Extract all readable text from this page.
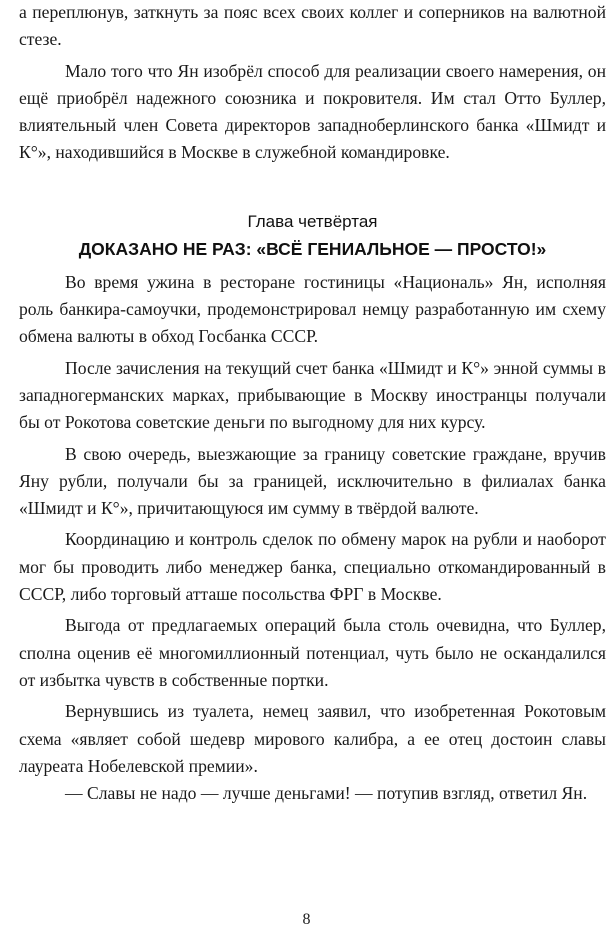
а переплюнув, заткнуть за пояс всех своих коллег и соперников на валютной стезе.

Мало того что Ян изобрёл способ для реализации своего намерения, он ещё приобрёл надежного союзника и покровителя. Им стал Отто Буллер, влиятельный член Совета директоров западноберлинского банка «Шмидт и К°», находившийся в Москве в служебной командировке.

Глава четвёртая

ДОКАЗАНО НЕ РАЗ: «ВСЁ ГЕНИАЛЬНОЕ — ПРОСТО!»

Во время ужина в ресторане гостиницы «Националь» Ян, исполняя роль банкира-самоучки, продемонстрировал немцу разработанную им схему обмена валюты в обход Госбанка СССР.

После зачисления на текущий счет банка «Шмидт и К°» энной суммы в западногерманских марках, прибывающие в Москву иностранцы получали бы от Рокотова советские деньги по выгодному для них курсу.

В свою очередь, выезжающие за границу советские граждане, вручив Яну рубли, получали бы за границей, исключительно в филиалах банка «Шмидт и К°», причитающуюся им сумму в твёрдой валюте.

Координацию и контроль сделок по обмену марок на рубли и наоборот мог бы проводить либо менеджер банка, специально откомандированный в СССР, либо торговый атташе посольства ФРГ в Москве.

Выгода от предлагаемых операций была столь очевидна, что Буллер, сполна оценив её многомиллионный потенциал, чуть было не оскандалился от избытка чувств в собственные портки.

Вернувшись из туалета, немец заявил, что изобретенная Рокотовым схема «являет собой шедевр мирового калибра, а ее отец достоин славы лауреата Нобелевской премии».

— Славы не надо — лучше деньгами! — потупив взгляд, ответил Ян.

8
